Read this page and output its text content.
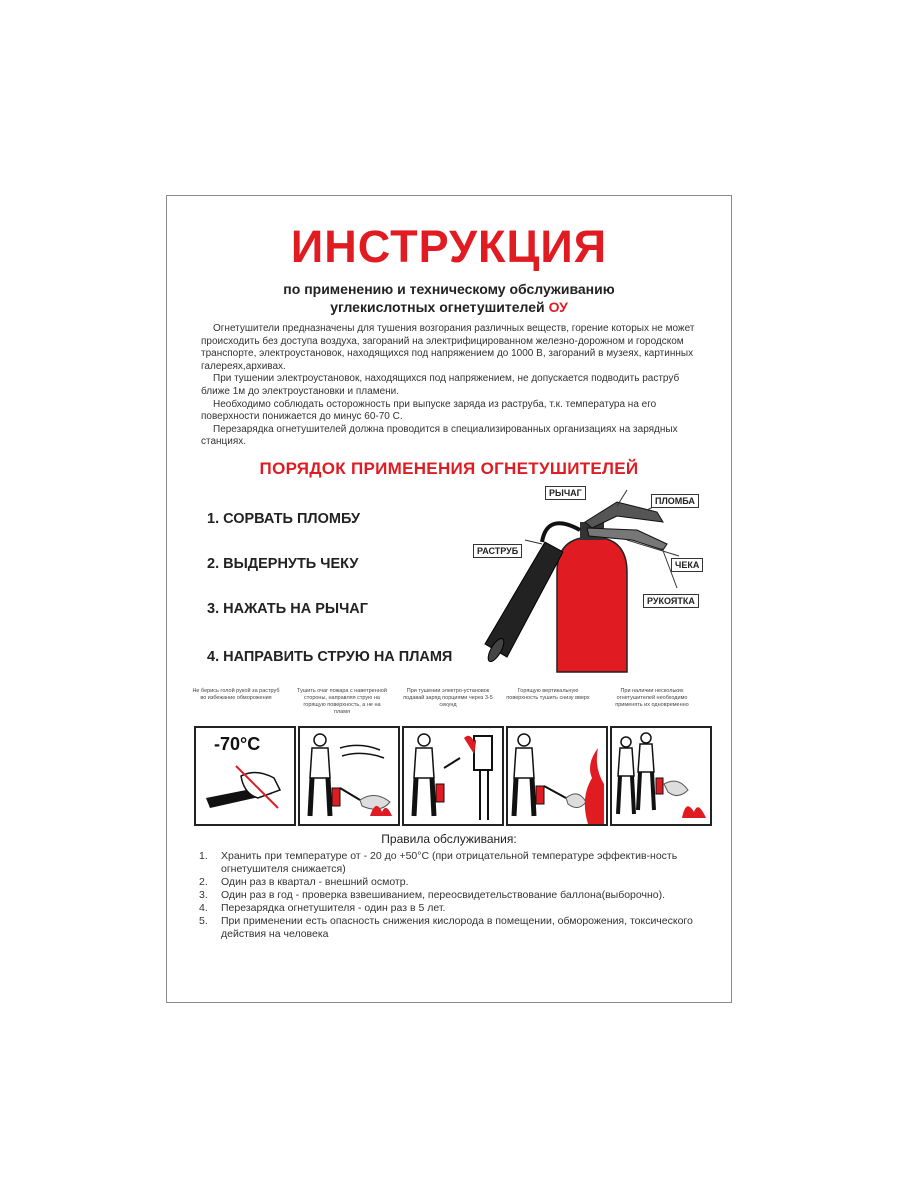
ИНСТРУКЦИЯ
по применению и техническому обслуживанию
углекислотных огнетушителей ОУ

Огнетушители предназначены для тушения возгорания различных веществ, горение которых не может происходить без доступа воздуха, загораний на электрифицированном железно-дорожном и городском транспорте, электроустановок, находящихся под напряжением до 1000 В, загораний в музеях, картинных галереях,архивах.

При тушении электроустановок, находящихся под напряжением, не допускается подводить раструб ближе 1м до электроустановки и пламени.

Необходимо соблюдать осторожность при выпуске заряда из раструба, т.к. температура на его поверхности понижается до минус 60-70 С.

Перезарядка огнетушителей должна проводится в специализированных организациях на зарядных станциях.

ПОРЯДОК ПРИМЕНЕНИЯ ОГНЕТУШИТЕЛЕЙ
1. СОРВАТЬ ПЛОМБУ
2. ВЫДЕРНУТЬ ЧЕКУ
3. НАЖАТЬ НА РЫЧАГ
4. НАПРАВИТЬ СТРУЮ НА ПЛАМЯ
РЫЧАГ
ПЛОМБА
РАСТРУБ
ЧЕКА
РУКОЯТКА
Не берись голой рукой за раструб во избежание обморожения
Тушить очаг пожара с наветренной стороны, направляя струю на горящую поверхность, а не на пламя
При тушении электро-установок подавай заряд порциями через 3-5 секунд
Горящую вертикальную поверхность тушить снизу вверх
При наличии нескольких огнетушителей необходимо применять их одновременно
-70°С
Правила обслуживания:
1.	Хранить при температуре от - 20 до +50°С (при отрицательной температуре эффектив-ность огнетушителя снижается)
2.	Один раз в квартал - внешний осмотр.
3.	Один раз в год - проверка взвешиванием, переосвидетельствование баллона(выборочно).
4.	Перезарядка огнетушителя - один раз в 5 лет.
5.	При применении есть опасность снижения кислорода в помещении, обморожения, токсического действия на человека
